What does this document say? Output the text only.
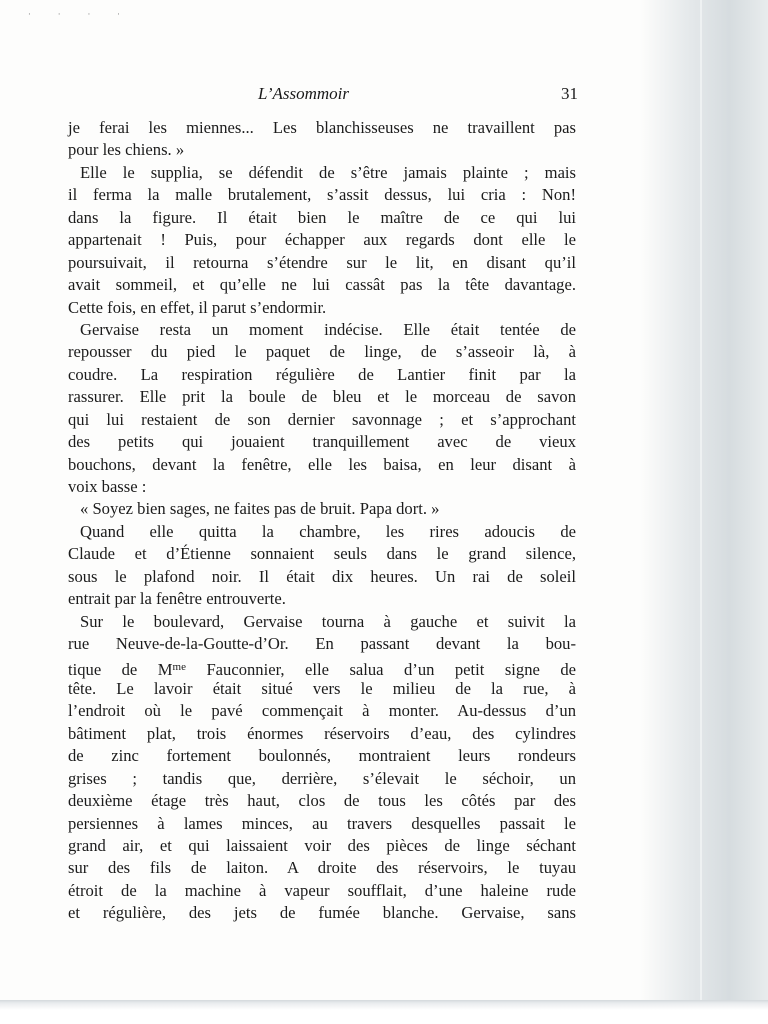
· · · ·
L’Assommoir	31
je ferai les miennes... Les blanchisseuses ne travaillent pas
pour les chiens. »
Elle le supplia, se défendit de s’être jamais plainte ; mais
il ferma la malle brutalement, s’assit dessus, lui cria : Non!
dans la figure. Il était bien le maître de ce qui lui
appartenait ! Puis, pour échapper aux regards dont elle le
poursuivait, il retourna s’étendre sur le lit, en disant qu’il
avait sommeil, et qu’elle ne lui cassât pas la tête davantage.
Cette fois, en effet, il parut s’endormir.
Gervaise resta un moment indécise. Elle était tentée de
repousser du pied le paquet de linge, de s’asseoir là, à
coudre. La respiration régulière de Lantier finit par la
rassurer. Elle prit la boule de bleu et le morceau de savon
qui lui restaient de son dernier savonnage ; et s’approchant
des petits qui jouaient tranquillement avec de vieux
bouchons, devant la fenêtre, elle les baisa, en leur disant à
voix basse :
« Soyez bien sages, ne faites pas de bruit. Papa dort. »
Quand elle quitta la chambre, les rires adoucis de
Claude et d’Étienne sonnaient seuls dans le grand silence,
sous le plafond noir. Il était dix heures. Un rai de soleil
entrait par la fenêtre entrouverte.
Sur le boulevard, Gervaise tourna à gauche et suivit la
rue Neuve-de-la-Goutte-d’Or. En passant devant la bou-
tique de $M^{me}$ Fauconnier, elle salua d’un petit signe de
tête. Le lavoir était situé vers le milieu de la rue, à
l’endroit où le pavé commençait à monter. Au-dessus d’un
bâtiment plat, trois énormes réservoirs d’eau, des cylindres
de zinc fortement boulonnés, montraient leurs rondeurs
grises ; tandis que, derrière, s’élevait le séchoir, un
deuxième étage très haut, clos de tous les côtés par des
persiennes à lames minces, au travers desquelles passait le
grand air, et qui laissaient voir des pièces de linge séchant
sur des fils de laiton. A droite des réservoirs, le tuyau
étroit de la machine à vapeur soufflait, d’une haleine rude
et régulière, des jets de fumée blanche. Gervaise, sans
